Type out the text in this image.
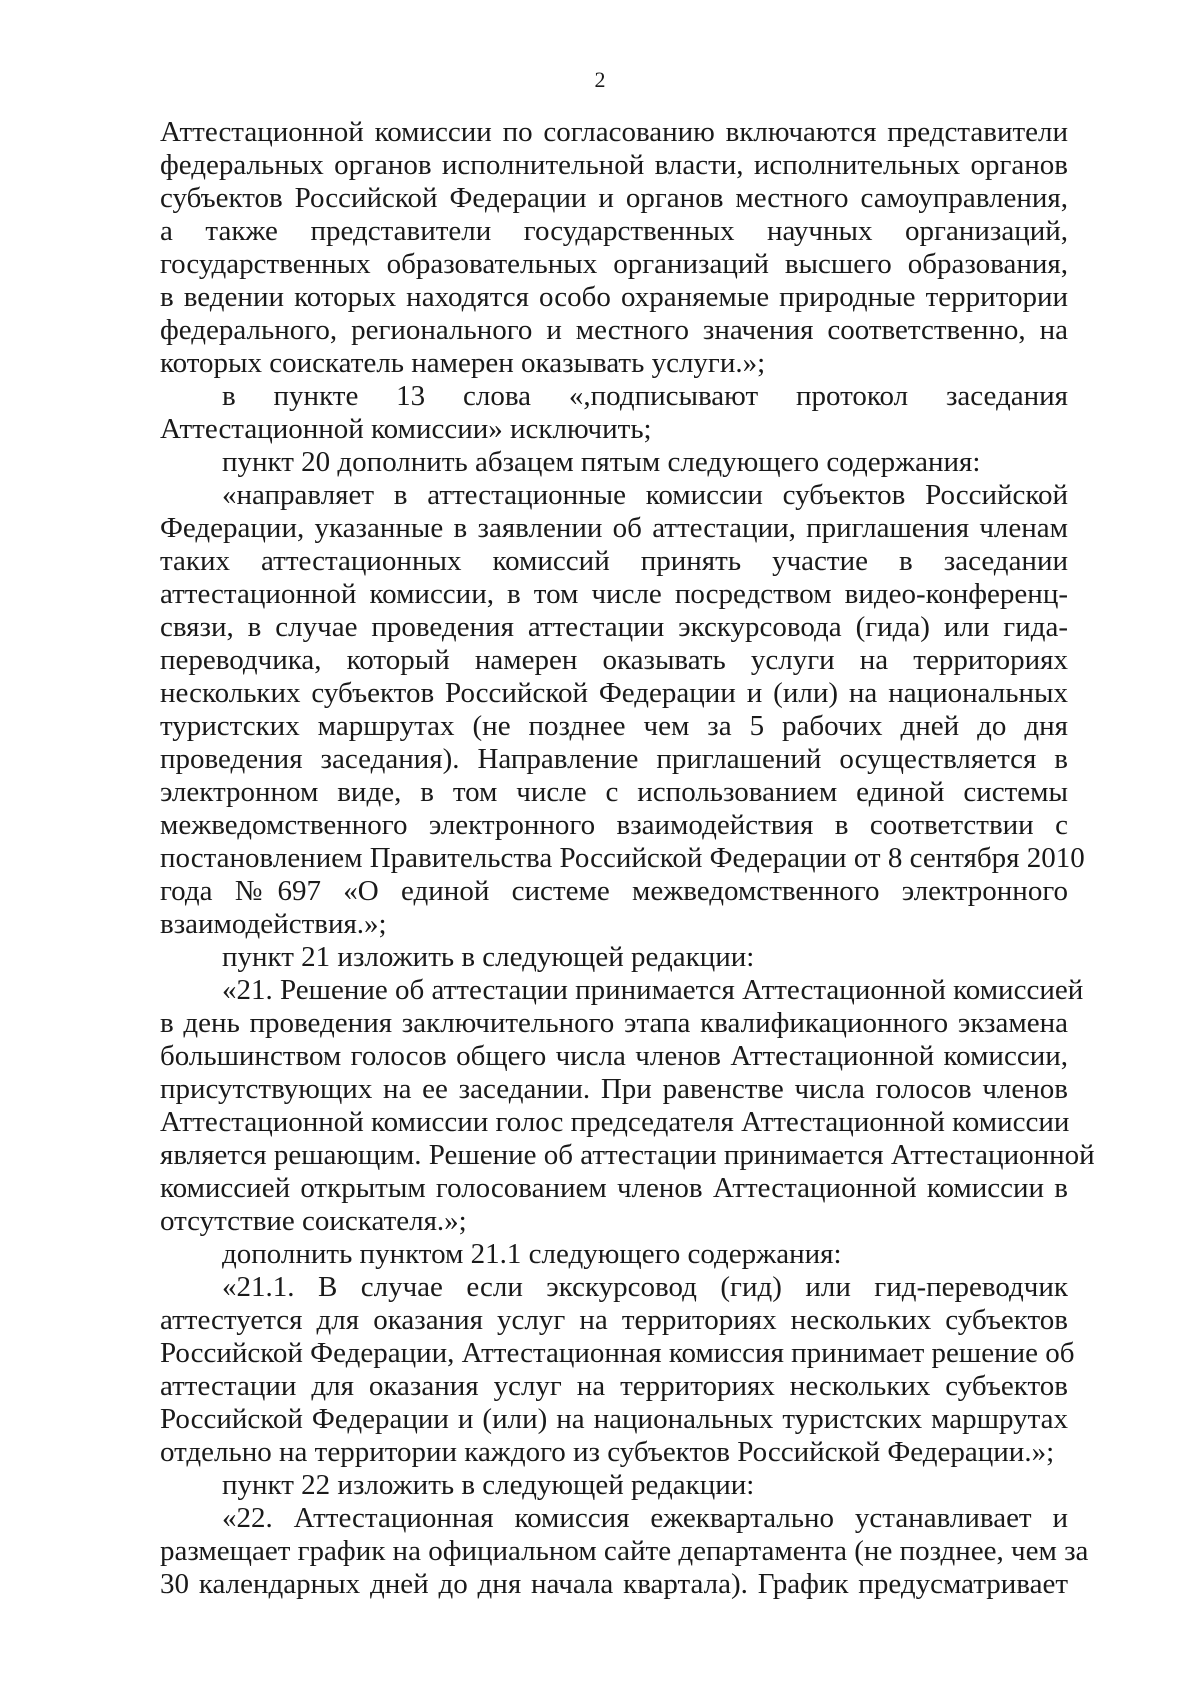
2
Аттестационной комиссии по согласованию включаются представители
федеральных органов исполнительной власти, исполнительных органов
субъектов Российской Федерации и органов местного самоуправления,
а также представители государственных научных организаций,
государственных образовательных организаций высшего образования,
в ведении которых находятся особо охраняемые природные территории
федерального, регионального и местного значения соответственно, на
которых соискатель намерен оказывать услуги.»;
в пункте 13 слова «,подписывают протокол заседания
Аттестационной комиссии» исключить;
пункт 20 дополнить абзацем пятым следующего содержания:
«направляет в аттестационные комиссии субъектов Российской
Федерации, указанные в заявлении об аттестации, приглашения членам
таких аттестационных комиссий принять участие в заседании
аттестационной комиссии, в том числе посредством видео-конференц-
связи, в случае проведения аттестации экскурсовода (гида) или гида-
переводчика, который намерен оказывать услуги на территориях
нескольких субъектов Российской Федерации и (или) на национальных
туристских маршрутах (не позднее чем за 5 рабочих дней до дня
проведения заседания). Направление приглашений осуществляется в
электронном виде, в том числе с использованием единой системы
межведомственного электронного взаимодействия в соответствии с
постановлением Правительства Российской Федерации от 8 сентября 2010
года №697 «О единой системе межведомственного электронного
взаимодействия.»;
пункт 21 изложить в следующей редакции:
«21. Решение об аттестации принимается Аттестационной комиссией
в день проведения заключительного этапа квалификационного экзамена
большинством голосов общего числа членов Аттестационной комиссии,
присутствующих на ее заседании. При равенстве числа голосов членов
Аттестационной комиссии голос председателя Аттестационной комиссии
является решающим. Решение об аттестации принимается Аттестационной
комиссией открытым голосованием членов Аттестационной комиссии в
отсутствие соискателя.»;
дополнить пунктом 21.1 следующего содержания:
«21.1. В случае если экскурсовод (гид) или гид-переводчик
аттестуется для оказания услуг на территориях нескольких субъектов
Российской Федерации, Аттестационная комиссия принимает решение об
аттестации для оказания услуг на территориях нескольких субъектов
Российской Федерации и (или) на национальных туристских маршрутах
отдельно на территории каждого из субъектов Российской Федерации.»;
пункт 22 изложить в следующей редакции:
«22. Аттестационная комиссия ежеквартально устанавливает и
размещает график на официальном сайте департамента (не позднее, чем за
30 календарных дней до дня начала квартала). График предусматривает
